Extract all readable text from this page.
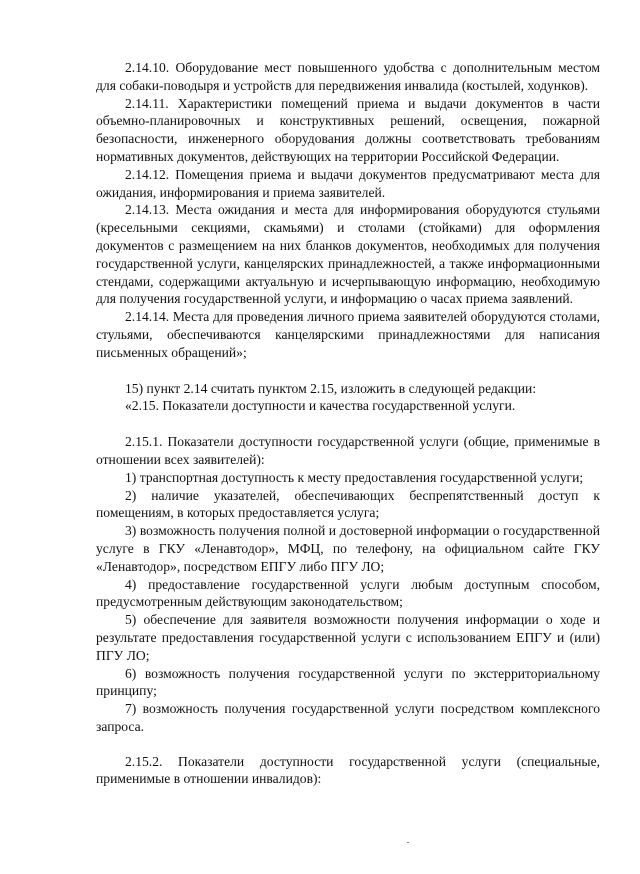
2.14.10. Оборудование мест повышенного удобства с дополнительным местом для собаки-поводыря и устройств для передвижения инвалида (костылей, ходунков).

2.14.11. Характеристики помещений приема и выдачи документов в части объемно-планировочных и конструктивных решений, освещения, пожарной безопасности, инженерного оборудования должны соответствовать требованиям нормативных документов, действующих на территории Российской Федерации.

2.14.12. Помещения приема и выдачи документов предусматривают места для ожидания, информирования и приема заявителей.

2.14.13. Места ожидания и места для информирования оборудуются стульями (кресельными секциями, скамьями) и столами (стойками) для оформления документов с размещением на них бланков документов, необходимых для получения государственной услуги, канцелярских принадлежностей, а также информационными стендами, содержащими актуальную и исчерпывающую информацию, необходимую для получения государственной услуги, и информацию о часах приема заявлений.

2.14.14. Места для проведения личного приема заявителей оборудуются столами, стульями, обеспечиваются канцелярскими принадлежностями для написания письменных обращений»;

15) пункт 2.14 считать пунктом 2.15, изложить в следующей редакции:

«2.15. Показатели доступности и качества государственной услуги.

2.15.1. Показатели доступности государственной услуги (общие, применимые в отношении всех заявителей):

1) транспортная доступность к месту предоставления государственной услуги;

2) наличие указателей, обеспечивающих беспрепятственный доступ к помещениям, в которых предоставляется услуга;

3) возможность получения полной и достоверной информации о государственной услуге в ГКУ «Ленавтодор», МФЦ, по телефону, на официальном сайте ГКУ «Ленавтодор», посредством ЕПГУ либо ПГУ ЛО;

4) предоставление государственной услуги любым доступным способом, предусмотренным действующим законодательством;

5) обеспечение для заявителя возможности получения информации о ходе и результате предоставления государственной услуги с использованием ЕПГУ и (или) ПГУ ЛО;

6) возможность получения государственной услуги по экстерриториальному принципу;

7) возможность получения государственной услуги посредством комплексного запроса.

2.15.2. Показатели доступности государственной услуги (специальные, применимые в отношении инвалидов):
